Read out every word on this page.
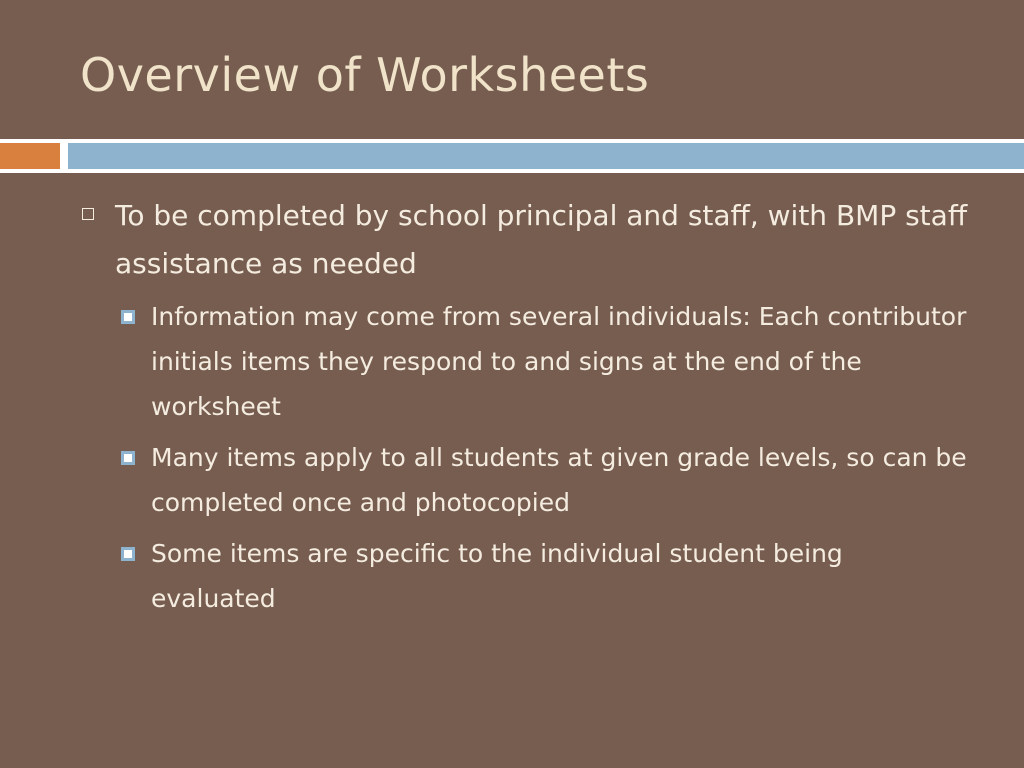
Overview of Worksheets
To be completed by school principal and staff, with BMP staff assistance as needed
Information may come from several individuals: Each contributor initials items they respond to and signs at the end of the worksheet
Many items apply to all students at given grade levels, so can be completed once and photocopied
Some items are specific to the individual student being evaluated
